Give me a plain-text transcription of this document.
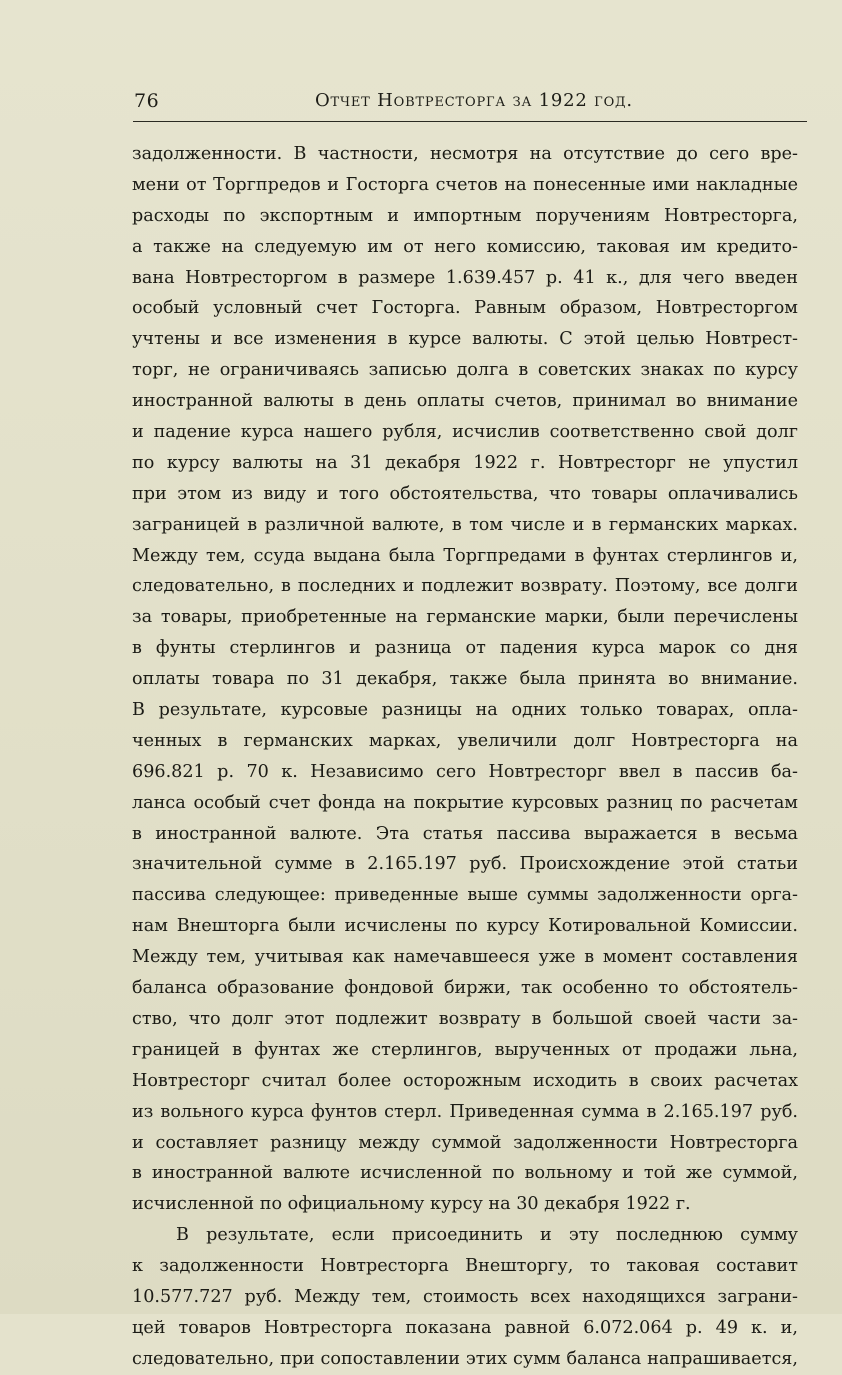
76	Отчет Новтресторга за 1922 год.
задолженности. В частности, несмотря на отсутствие до сего вре-
мени от Торгпредов и Госторга счетов на понесенные ими накладные
расходы по экспортным и импортным поручениям Новтресторга,
а также на следуемую им от него комиссию, таковая им кредито-
вана Новтресторгом в размере 1.639.457 р. 41 к., для чего введен
особый условный счет Госторга. Равным образом, Новтресторгом
учтены и все изменения в курсе валюты. С этой целью Новтрест-
торг, не ограничиваясь записью долга в советских знаках по курсу
иностранной валюты в день оплаты счетов, принимал во внимание
и падение курса нашего рубля, исчислив соответственно свой долг
по курсу валюты на 31 декабря 1922 г. Новтресторг не упустил
при этом из виду и того обстоятельства, что товары оплачивались
заграницей в различной валюте, в том числе и в германских марках.
Между тем, ссуда выдана была Торгпредами в фунтах стерлингов и,
следовательно, в последних и подлежит возврату. Поэтому, все долги
за товары, приобретенные на германские марки, были перечислены
в фунты стерлингов и разница от падения курса марок со дня
оплаты товара по 31 декабря, также была принята во внимание.
В результате, курсовые разницы на одних только товарах, опла-
ченных в германских марках, увеличили долг Новтресторга на
696.821 р. 70 к. Независимо сего Новтресторг ввел в пассив ба-
ланса особый счет фонда на покрытие курсовых разниц по расчетам
в иностранной валюте. Эта статья пассива выражается в весьма
значительной сумме в 2.165.197 руб. Происхождение этой статьи
пассива следующее: приведенные выше суммы задолженности орга-
нам Внешторга были исчислены по курсу Котировальной Комиссии.
Между тем, учитывая как намечавшееся уже в момент составления
баланса образование фондовой биржи, так особенно то обстоятель-
ство, что долг этот подлежит возврату в большой своей части за-
границей в фунтах же стерлингов, вырученных от продажи льна,
Новтресторг считал более осторожным исходить в своих расчетах
из вольного курса фунтов стерл. Приведенная сумма в 2.165.197 руб.
и составляет разницу между суммой задолженности Новтресторга
в иностранной валюте исчисленной по вольному и той же суммой,
исчисленной по официальному курсу на 30 декабря 1922 г.
В результате, если присоединить и эту последнюю сумму
к задолженности Новтресторга Внешторгу, то таковая составит
10.577.727 руб. Между тем, стоимость всех находящихся заграни-
цей товаров Новтресторга показана равной 6.072.064 р. 49 к. и,
следовательно, при сопоставлении этих сумм баланса напрашивается,
